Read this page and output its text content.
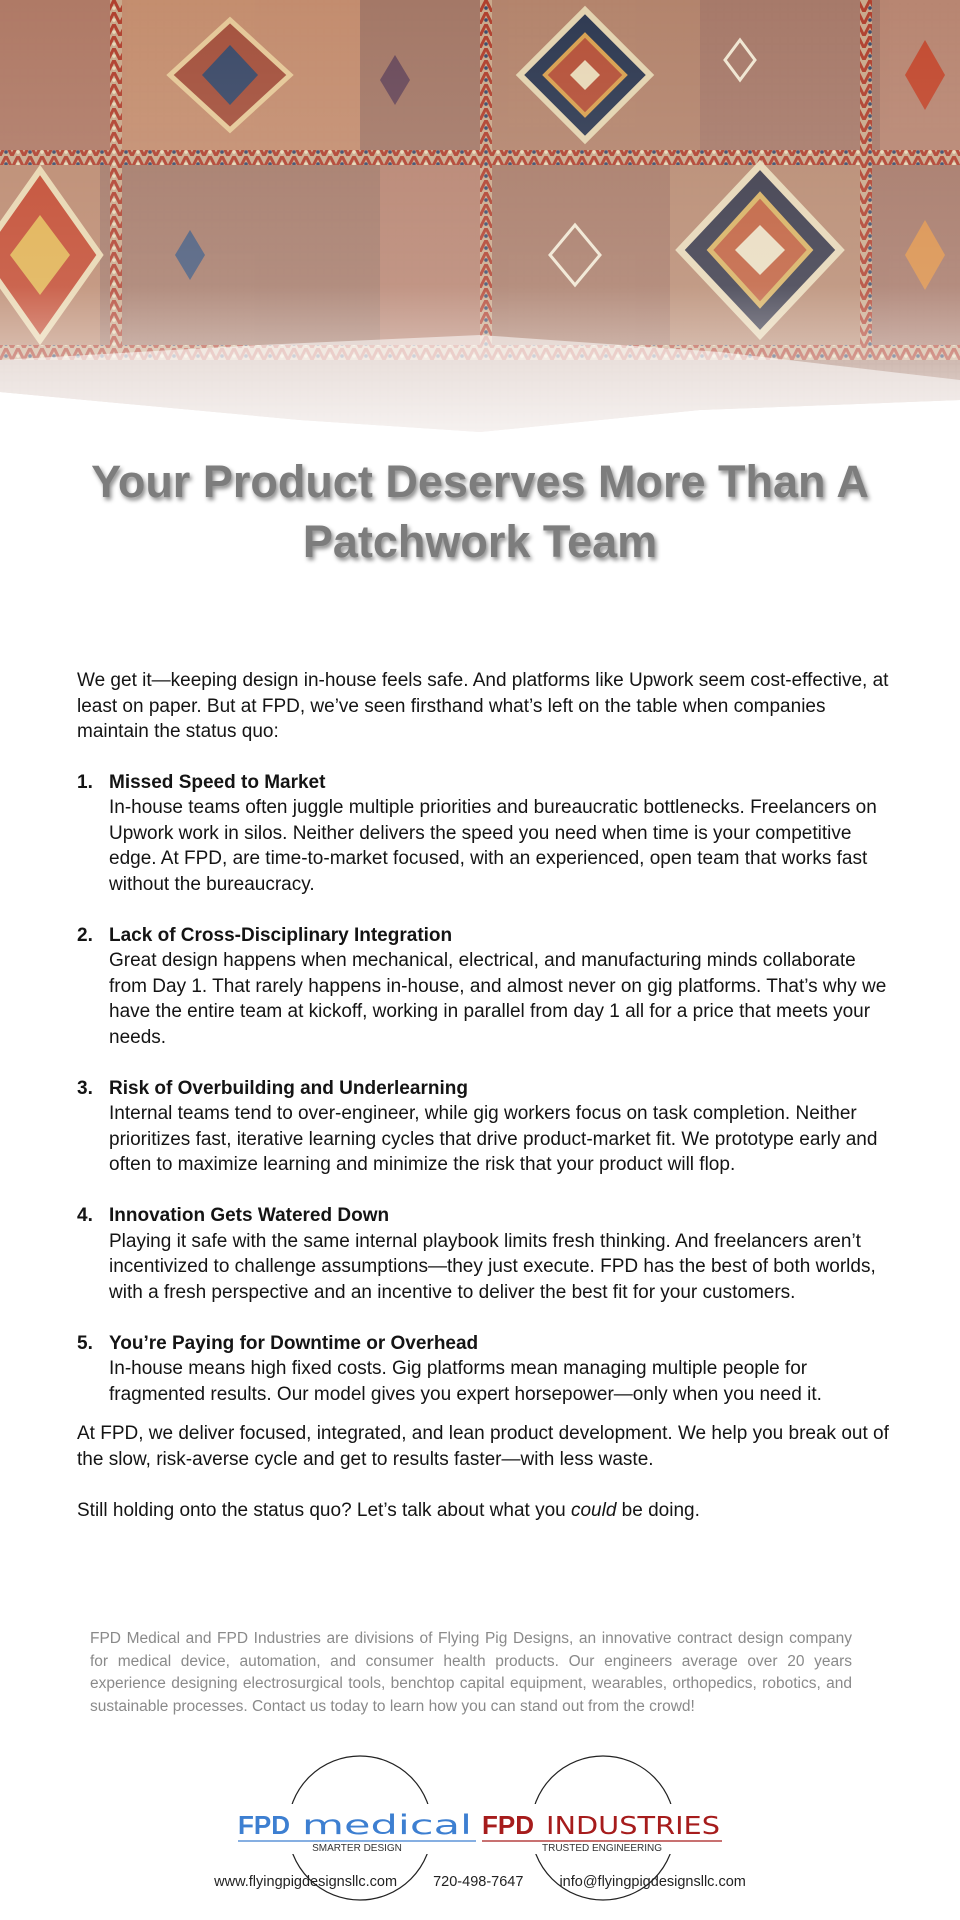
Your Product Deserves More Than A Patchwork Team

We get it—keeping design in-house feels safe. And platforms like Upwork seem cost-effective, at least on paper. But at FPD, we’ve seen firsthand what’s left on the table when companies maintain the status quo:

1. Missed Speed to Market
In-house teams often juggle multiple priorities and bureaucratic bottlenecks. Freelancers on Upwork work in silos. Neither delivers the speed you need when time is your competitive edge. At FPD, are time-to-market focused, with an experienced, open team that works fast without the bureaucracy.
2. Lack of Cross-Disciplinary Integration
Great design happens when mechanical, electrical, and manufacturing minds collaborate from Day 1. That rarely happens in-house, and almost never on gig platforms. That’s why we have the entire team at kickoff, working in parallel from day 1 all for a price that meets your needs.
3. Risk of Overbuilding and Underlearning
Internal teams tend to over-engineer, while gig workers focus on task completion. Neither prioritizes fast, iterative learning cycles that drive product-market fit. We prototype early and often to maximize learning and minimize the risk that your product will flop.
4. Innovation Gets Watered Down
Playing it safe with the same internal playbook limits fresh thinking. And freelancers aren’t incentivized to challenge assumptions—they just execute. FPD has the best of both worlds, with a fresh perspective and an incentive to deliver the best fit for your customers.
5. You’re Paying for Downtime or Overhead
In-house means high fixed costs. Gig platforms mean managing multiple people for fragmented results. Our model gives you expert horsepower—only when you need it.

At FPD, we deliver focused, integrated, and lean product development. We help you break out of the slow, risk-averse cycle and get to results faster—with less waste.

Still holding onto the status quo? Let’s talk about what you could be doing.

FPD Medical and FPD Industries are divisions of Flying Pig Designs, an innovative contract design company for medical device, automation, and consumer health products. Our engineers average over 20 years experience designing electrosurgical tools, benchtop capital equipment, wearables, orthopedics, robotics, and sustainable processes. Contact us today to learn how you can stand out from the crowd!

FPD medical
SMARTER DESIGN
FPD INDUSTRIES
TRUSTED ENGINEERING
www.flyingpigdesignsllc.com 720-498-7647 info@flyingpigdesignsllc.com
